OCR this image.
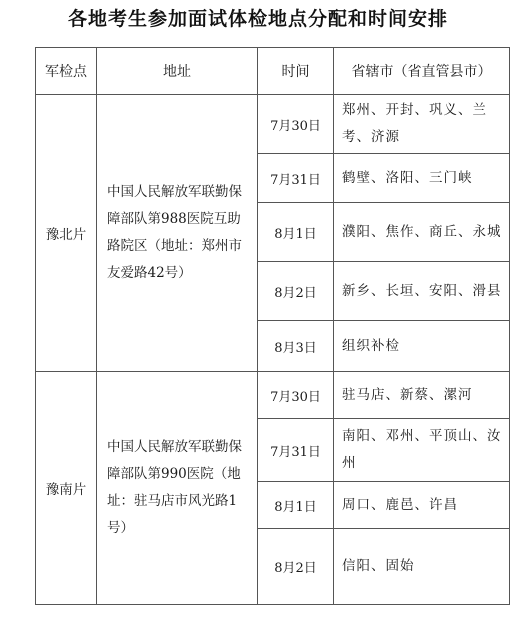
各地考生参加面试体检地点分配和时间安排
军检点	地址	时间	省辖市（省直管县市）
豫北片	中国人民解放军联勤保障部队第988医院互助路院区（地址：郑州市友爱路42号）	7月30日	郑州、开封、巩义、兰考、济源
		7月31日	鹤壁、洛阳、三门峡
		8月1日	濮阳、焦作、商丘、永城
		8月2日	新乡、长垣、安阳、滑县
		8月3日	组织补检
豫南片	中国人民解放军联勤保障部队第990医院（地址：驻马店市风光路1号）	7月30日	驻马店、新蔡、漯河
		7月31日	南阳、邓州、平顶山、汝州
		8月1日	周口、鹿邑、许昌
		8月2日	信阳、固始
